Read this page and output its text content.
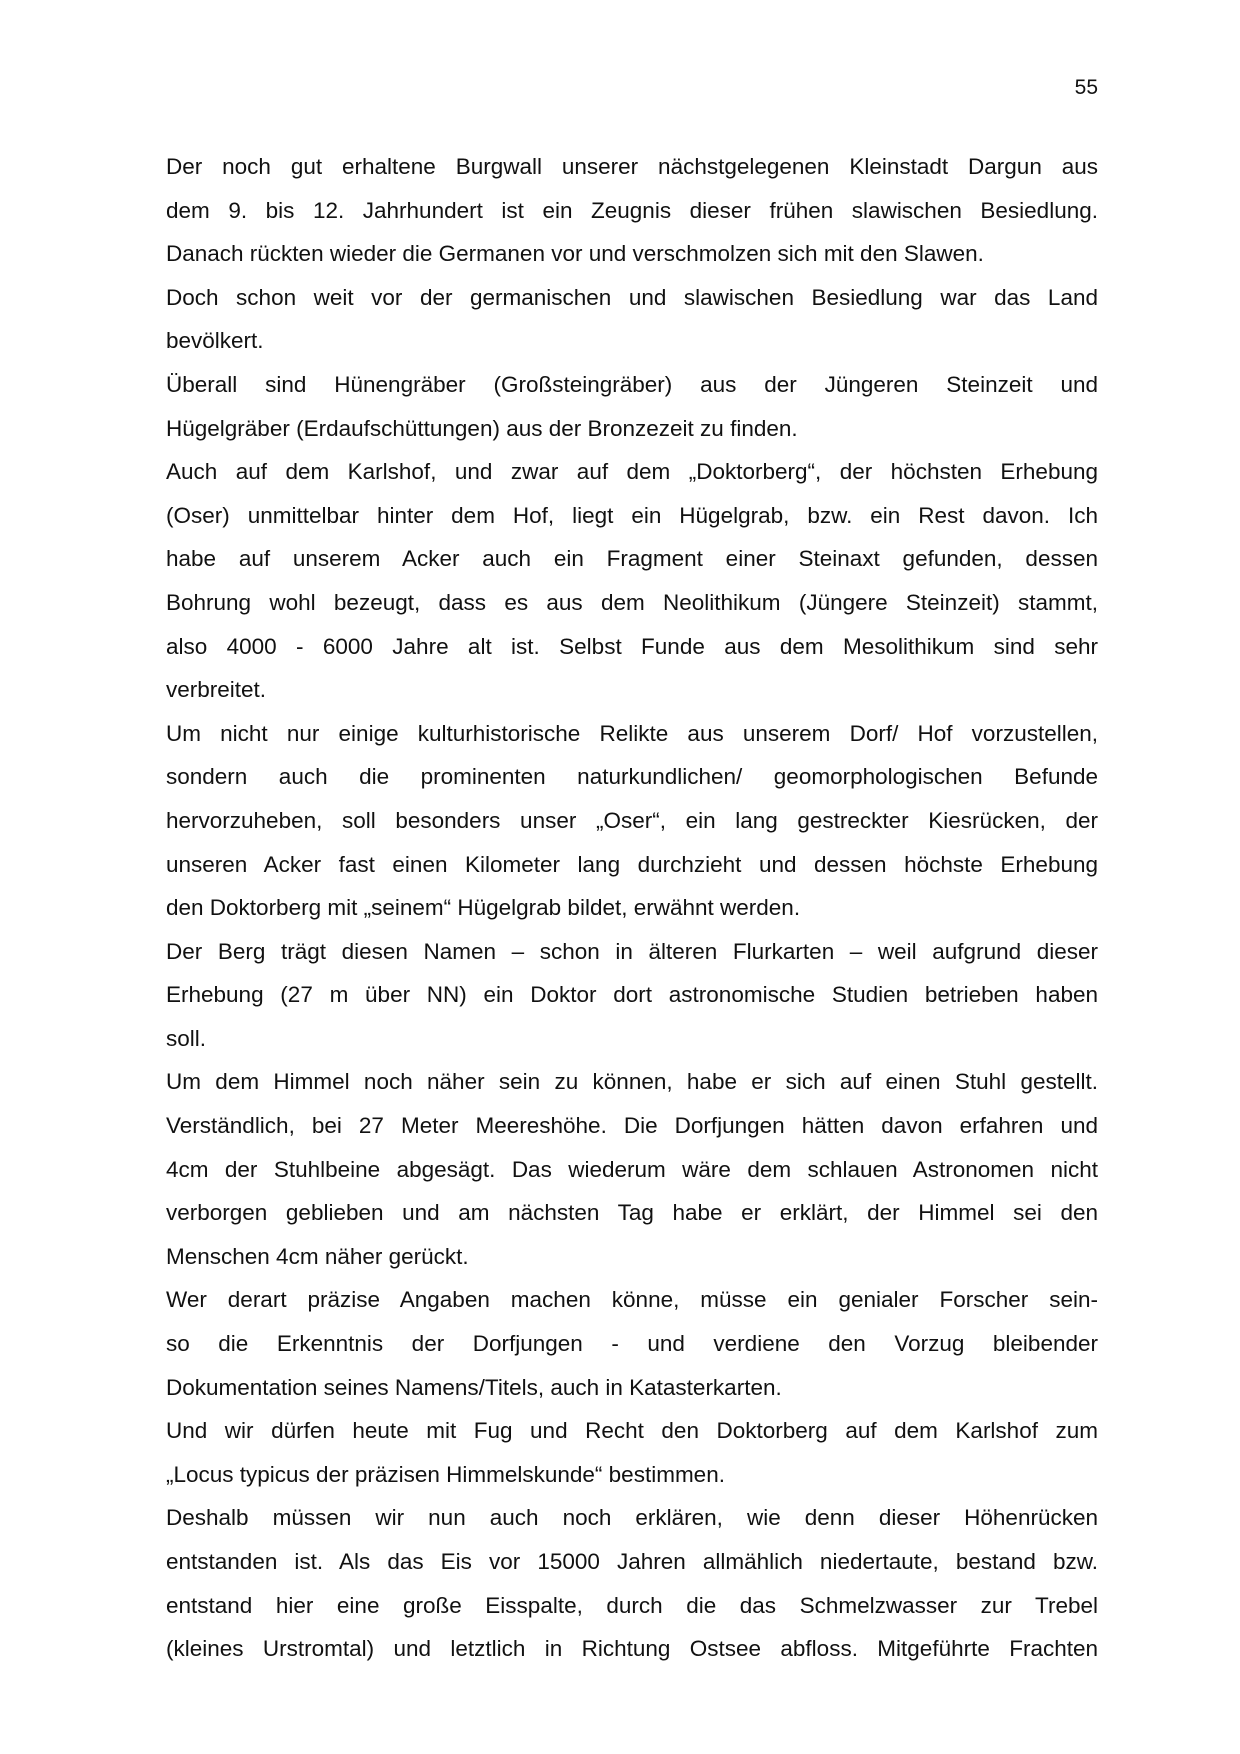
55
Der noch gut erhaltene Burgwall unserer nächstgelegenen Kleinstadt Dargun aus
dem 9. bis 12. Jahrhundert ist ein Zeugnis dieser frühen slawischen Besiedlung.
Danach rückten wieder die Germanen vor und verschmolzen sich mit den Slawen.
Doch schon weit vor der germanischen und slawischen Besiedlung war das Land
bevölkert.
Überall sind Hünengräber (Großsteingräber) aus der Jüngeren Steinzeit und
Hügelgräber (Erdaufschüttungen) aus der Bronzezeit zu finden.
Auch auf dem Karlshof, und zwar auf dem „Doktorberg“, der höchsten Erhebung
(Oser) unmittelbar hinter dem Hof, liegt ein Hügelgrab, bzw. ein Rest davon. Ich
habe auf unserem Acker auch ein Fragment einer Steinaxt gefunden, dessen
Bohrung wohl bezeugt, dass es aus dem Neolithikum (Jüngere Steinzeit) stammt,
also 4000 - 6000 Jahre alt ist. Selbst Funde aus dem Mesolithikum sind sehr
verbreitet.
Um nicht nur einige kulturhistorische Relikte aus unserem Dorf/ Hof vorzustellen,
sondern auch die prominenten naturkundlichen/ geomorphologischen Befunde
hervorzuheben, soll besonders unser „Oser“, ein lang gestreckter Kiesrücken, der
unseren Acker fast einen Kilometer lang durchzieht und dessen höchste Erhebung
den Doktorberg mit „seinem“ Hügelgrab bildet, erwähnt werden.
Der Berg trägt diesen Namen – schon in älteren Flurkarten – weil aufgrund dieser
Erhebung (27 m über NN) ein Doktor dort astronomische Studien betrieben haben
soll.
Um dem Himmel noch näher sein zu können, habe er sich auf einen Stuhl gestellt.
Verständlich, bei 27 Meter Meereshöhe. Die Dorfjungen hätten davon erfahren und
4cm der Stuhlbeine abgesägt. Das wiederum wäre dem schlauen Astronomen nicht
verborgen geblieben und am nächsten Tag habe er erklärt, der Himmel sei den
Menschen 4cm näher gerückt.
Wer derart präzise Angaben machen könne, müsse ein genialer Forscher sein-
so die Erkenntnis der Dorfjungen - und verdiene den Vorzug bleibender
Dokumentation seines Namens/Titels, auch in Katasterkarten.
Und wir dürfen heute mit Fug und Recht den Doktorberg auf dem Karlshof zum
„Locus typicus der präzisen Himmelskunde“ bestimmen.
Deshalb müssen wir nun auch noch erklären, wie denn dieser Höhenrücken
entstanden ist. Als das Eis vor 15000 Jahren allmählich niedertaute, bestand bzw.
entstand hier eine große Eisspalte, durch die das Schmelzwasser zur Trebel
(kleines Urstromtal) und letztlich in Richtung Ostsee abfloss. Mitgeführte Frachten
